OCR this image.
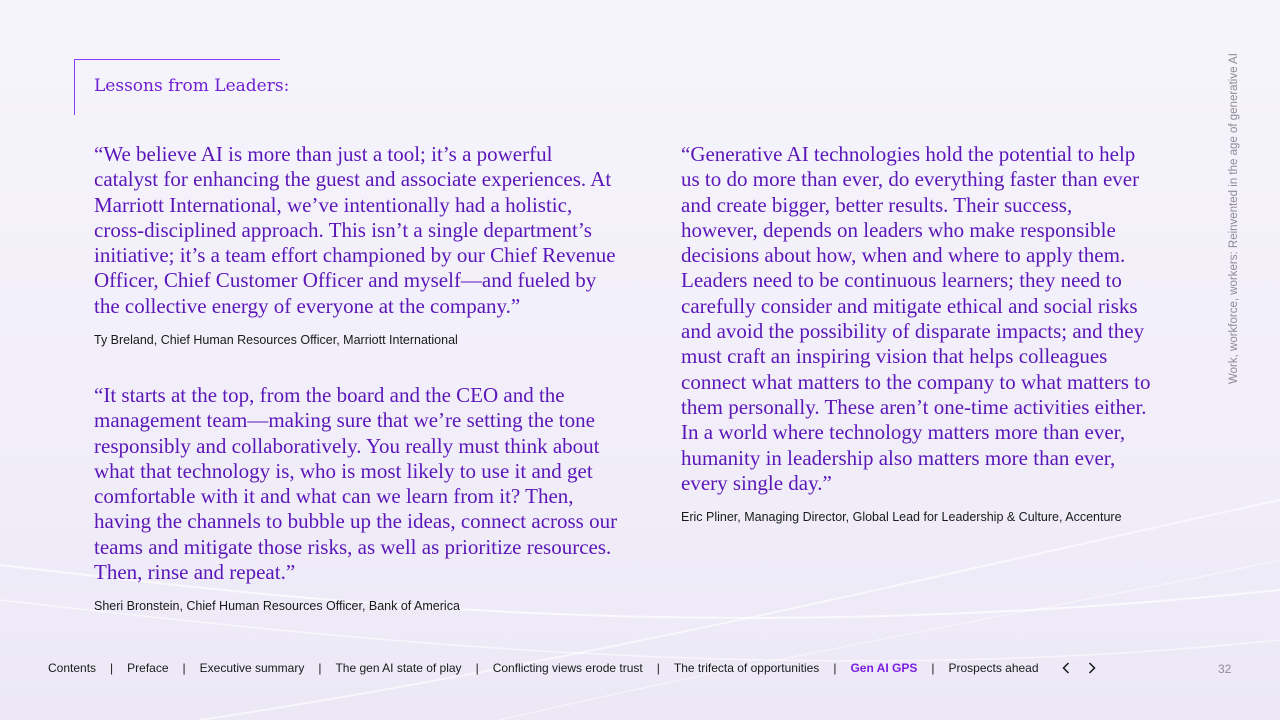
Lessons from Leaders:

“We believe AI is more than just a tool; it’s a powerful catalyst for enhancing the guest and associate experiences. At Marriott International, we’ve intentionally had a holistic, cross-disciplined approach. This isn’t a single department’s initiative; it’s a team effort championed by our Chief Revenue Officer, Chief Customer Officer and myself—and fueled by the collective energy of everyone at the company.”

Ty Breland, Chief Human Resources Officer, Marriott International

“It starts at the top, from the board and the CEO and the management team—making sure that we’re setting the tone responsibly and collaboratively. You really must think about what that technology is, who is most likely to use it and get comfortable with it and what can we learn from it? Then, having the channels to bubble up the ideas, connect across our teams and mitigate those risks, as well as prioritize resources. Then, rinse and repeat.”

Sheri Bronstein, Chief Human Resources Officer, Bank of America

“Generative AI technologies hold the potential to help us to do more than ever, do everything faster than ever and create bigger, better results. Their success, however, depends on leaders who make responsible decisions about how, when and where to apply them. Leaders need to be continuous learners; they need to carefully consider and mitigate ethical and social risks and avoid the possibility of disparate impacts; and they must craft an inspiring vision that helps colleagues connect what matters to the company to what matters to them personally. These aren’t one-time activities either. In a world where technology matters more than ever, humanity in leadership also matters more than ever, every single day.”

Eric Pliner, Managing Director, Global Lead for Leadership & Culture, Accenture

Work, workforce, workers: Reinvented in the age of generative AI
Contents | Preface | Executive summary | The gen AI state of play | Conflicting views erode trust | The trifecta of opportunities | Gen AI GPS | Prospects ahead	32
